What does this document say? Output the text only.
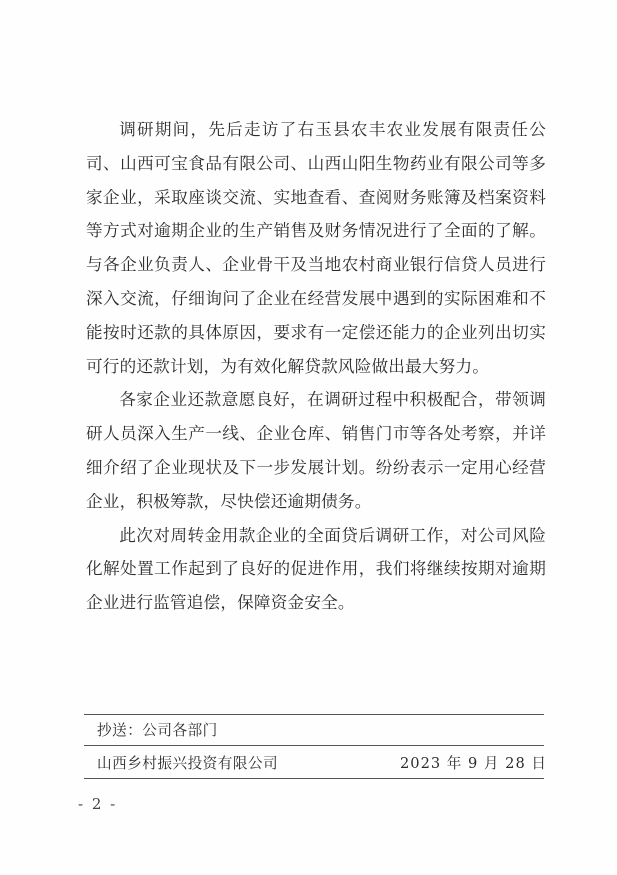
调研期间，先后走访了右玉县农丰农业发展有限责任公司、山西可宝食品有限公司、山西山阳生物药业有限公司等多家企业，采取座谈交流、实地查看、查阅财务账簿及档案资料等方式对逾期企业的生产销售及财务情况进行了全面的了解。与各企业负责人、企业骨干及当地农村商业银行信贷人员进行深入交流，仔细询问了企业在经营发展中遇到的实际困难和不能按时还款的具体原因，要求有一定偿还能力的企业列出切实可行的还款计划，为有效化解贷款风险做出最大努力。

各家企业还款意愿良好，在调研过程中积极配合，带领调研人员深入生产一线、企业仓库、销售门市等各处考察，并详细介绍了企业现状及下一步发展计划。纷纷表示一定用心经营企业，积极筹款，尽快偿还逾期债务。

此次对周转金用款企业的全面贷后调研工作，对公司风险化解处置工作起到了良好的促进作用，我们将继续按期对逾期企业进行监管追偿，保障资金安全。

抄送：公司各部门
山西乡村振兴投资有限公司	2023 年 9 月 28 日
- 2 -
